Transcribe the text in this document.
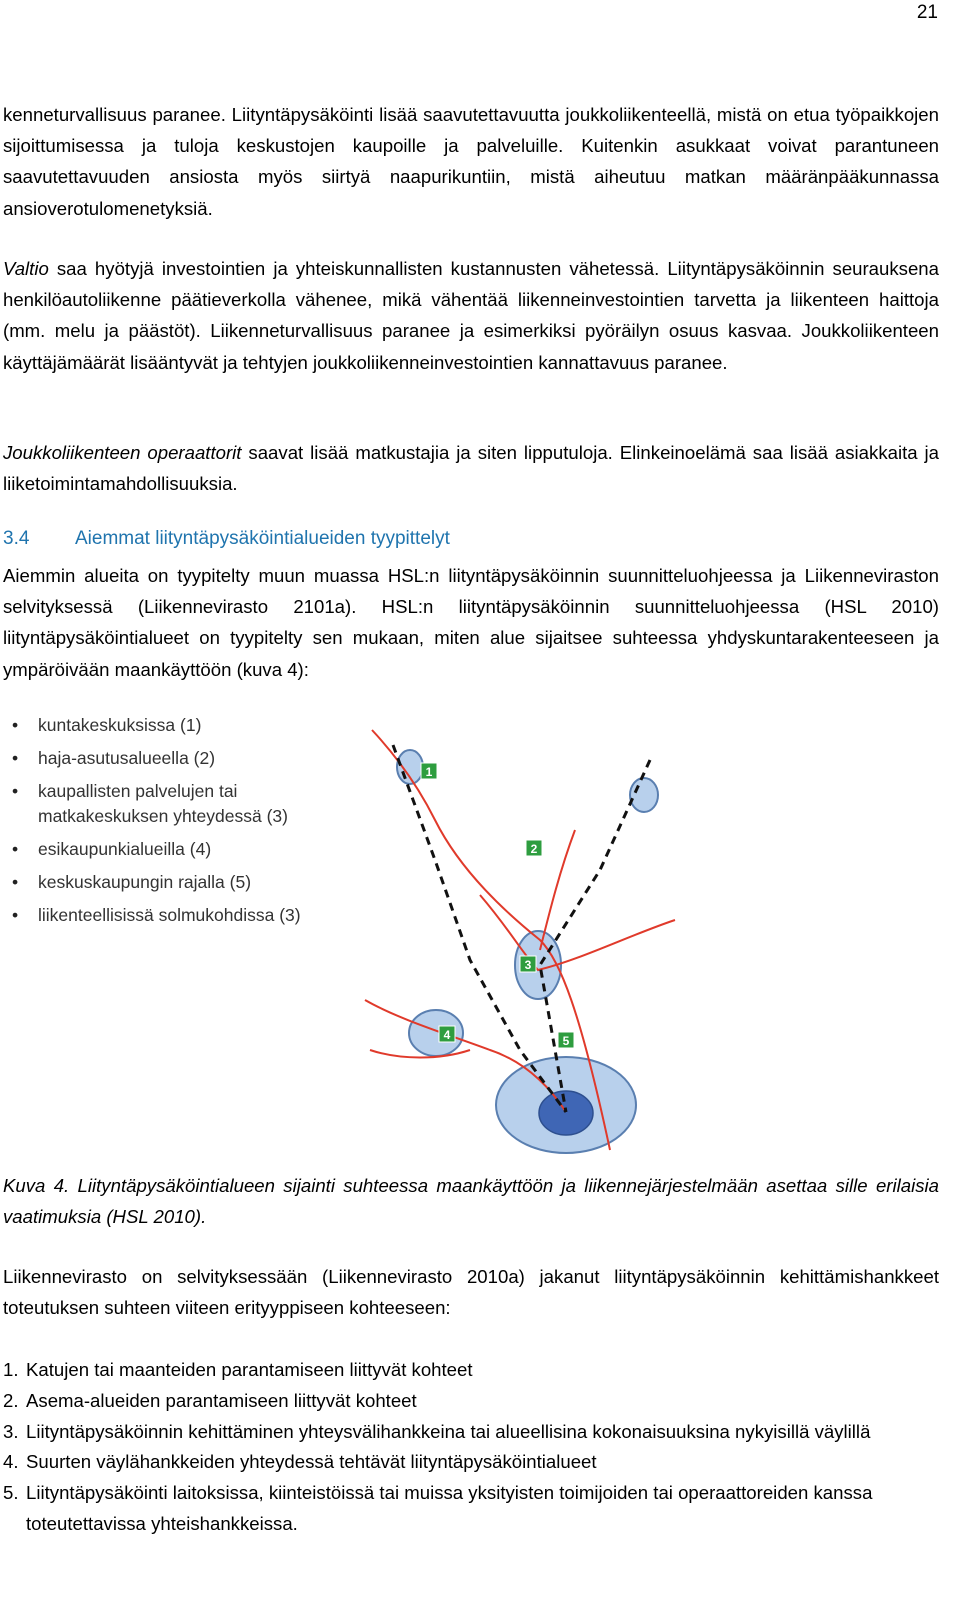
21
kenneturvallisuus paranee. Liityntäpysäköinti lisää saavutettavuutta joukkoliikenteellä, mistä on etua työpaikkojen sijoittumisessa ja tuloja keskustojen kaupoille ja palveluille. Kuitenkin asukkaat voivat parantuneen saavutettavuuden ansiosta myös siirtyä naapurikuntiin, mistä aiheutuu matkan määränpääkunnassa ansioverotulomenetyksiä.
Valtio saa hyötyjä investointien ja yhteiskunnallisten kustannusten vähetessä. Liityntäpysäköinnin seurauksena henkilöautoliikenne päätieverkolla vähenee, mikä vähentää liikenneinvestointien tarvetta ja liikenteen haittoja (mm. melu ja päästöt). Liikenneturvallisuus paranee ja esimerkiksi pyöräilyn osuus kasvaa. Joukkoliikenteen käyttäjämäärät lisääntyvät ja tehtyjen joukkoliikenneinvestointien kannattavuus paranee.
Joukkoliikenteen operaattorit saavat lisää matkustajia ja siten lipputuloja. Elinkeinoelämä saa lisää asiakkaita ja liiketoimintamahdollisuuksia.
3.4 Aiemmat liityntäpysäköintialueiden tyypittelyt
Aiemmin alueita on tyypitelty muun muassa HSL:n liityntäpysäköinnin suunnitteluohjeessa ja Liikenneviraston selvityksessä (Liikennevirasto 2101a). HSL:n liityntäpysäköinnin suunnitteluohjeessa (HSL 2010) liityntäpysäköintialueet on tyypitelty sen mukaan, miten alue sijaitsee suhteessa yhdyskuntarakenteeseen ja ympäröivään maankäyttöön (kuva 4):
• kuntakeskuksissa (1)
• haja-asutusalueella (2)
• kaupallisten palvelujen tai matkakeskuksen yhteydessä (3)
• esikaupunkialueilla (4)
• keskuskaupungin rajalla (5)
• liikenteellisissä solmukohdissa (3)
1
2
3
4	5
Kuva 4. Liityntäpysäköintialueen sijainti suhteessa maankäyttöön ja liikennejärjestelmään asettaa sille erilaisia vaatimuksia (HSL 2010).
Liikennevirasto on selvityksessään (Liikennevirasto 2010a) jakanut liityntäpysäköinnin kehittämishankkeet toteutuksen suhteen viiteen erityyppiseen kohteeseen:
1. Katujen tai maanteiden parantamiseen liittyvät kohteet
2. Asema-alueiden parantamiseen liittyvät kohteet
3. Liityntäpysäköinnin kehittäminen yhteysvälihankkeina tai alueellisina kokonaisuuksina nykyisillä väylillä
4. Suurten väylähankkeiden yhteydessä tehtävät liityntäpysäköintialueet
5. Liityntäpysäköinti laitoksissa, kiinteistöissä tai muissa yksityisten toimijoiden tai operaattoreiden kanssa toteutettavissa yhteishankkeissa.
